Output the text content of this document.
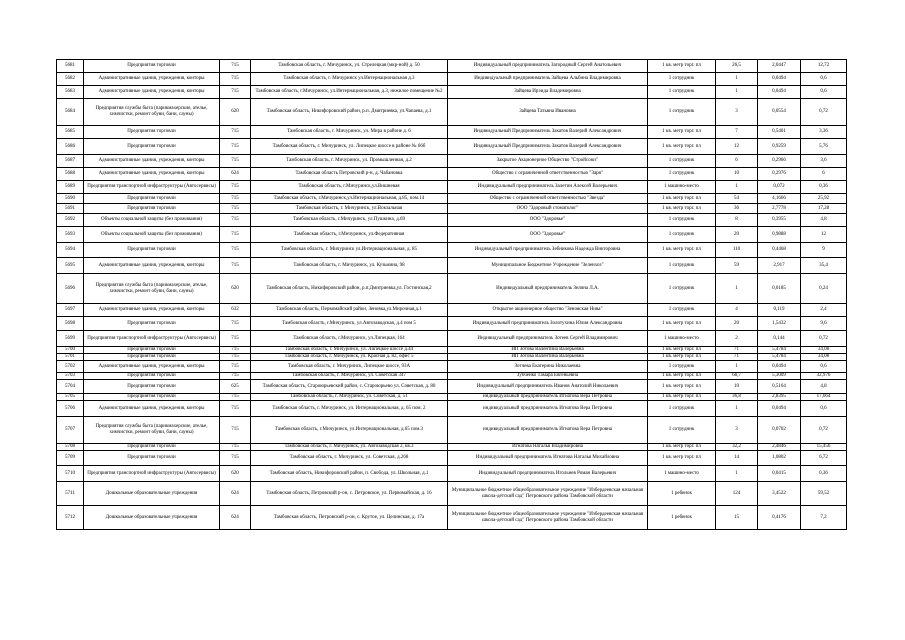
5681	Предприятия торговли	715	Тамбовская область, г. Мичуринск, ул. Стрелецкая (мкр-ной) д. 50	Индивидуальный предприниматель Загородный Сергей Анатольевич	1 кв. метр торг. пл	26,5	2,0447	12,72
5682	Административные здания, учреждения, конторы	715	Тамбовская область, г. Мичуринск ул.Интернациональная д.3	Индивидуальный предприниматель Зайцева Альбина Владимировна	1 сотрудник	1	0,0494	0,6
5683	Административные здания, учреждения, конторы	715	Тамбовская область, г.Мичуринск, ул.Интернациональная, д.3, нежилое помещение №2	Зайцева Ирэида Владимировна	1 сотрудник	1	0,0494	0,6
5684	Предприятия службы быта (парикмахерские, ателье, химчистки, ремонт обуви, бани, сауны)	620	Тамбовская область, Никифоровский район, р.п. Дмитриевка, ул.Чапаева, д.1	Зайцева Татьяна Ивановна	1 сотрудник	3	0,0554	0,72
5685	Предприятия торговли	715	Тамбовская область, г. Мичуринск, ул. Мира в районе д. 6	Индивидуальный Предприниматель Закатов Валерий Александрович	1 кв. метр торг. пл	7	0,5401	3,36
5686	Предприятия торговли	715	Тамбовская область, г. Мичуринск, ул. Липецкое шоссе в районе № 66б	Индивидуальный Предприниматель Закатов Валерий Александрович	1 кв. метр торг. пл	12	0,9259	5,76
5687	Административные здания, учреждения, конторы	715	Тамбовская область, г. Мичуринск, ул. Промышленная, д.2	Закрытое Акционерное Общество "Стройсоюз"	1 сотрудник	6	0,2966	3,6
5688	Административные здания, учреждения, конторы	624	Тамбовская область Петровский р-н, д. Чабановка	Общество с ограниченной ответственностью "Заря"	1 сотрудник	10	0,2976	6
5689	Предприятия транспортной инфраструктуры (Автосервисы)	715	Тамбовская область, г.Мичуринск,ул.Вишневая	Индивидуальный предприниматель Залетин Алексей Валерьевич	1 машино-место	1	0,072	0,36
5690	Предприятия торговли	715	Тамбовская область, г.Мичуринск,ул.Интернациональная, д.85, пом.14	Общество с ограниченной ответственностью "Звезда"	1 кв. метр торг. пл	54	4,1666	25,92
5691	Предприятия торговли	715	Тамбовская область, г. Мичуринск, ул.Вокзальная	ООО "Здоровый стоматолог"	1 кв. метр торг. пл	36	2,7778	17,28
5692	Объекты социальной защиты (без проживания)	715	Тамбовская область, г.Мичуринск, ул.Пушкина, д.69	ООО "Здоровье"	1 сотрудник	8	0,3955	4,8
5693	Объекты социальной защиты (без проживания)	715	Тамбовская область, г.Мичуринск, ул.Федеративная	ООО "Здоровье"	1 сотрудник	20	0,9888	12
5694	Предприятия торговли	715	Тамбовская область, г. Мичуринск ул.Интернациональная, д. 85	Индивидуальный предприниматель Зебникова Надежда Викторовна	1 кв. метр торг. пл	110	0,4468	9
5695	Административные здания, учреждения, конторы	715	Тамбовская область, г. Мичуринск, ул. Кузьмина, 98	Муниципальное Бюджетное Учреждение "Зеленхоз"	1 сотрудник	59	2,917	35,4
5696	Предприятия службы быта (парикмахерские, ателье, химчистки, ремонт обуви, бани, сауны)	620	Тамбовская область, Никифоровский район, р.п.Дмитриевка,ул. Гостинская,2	Индивидуальный предприниматель Зелина Л.А.	1 сотрудник	1	0,0185	0,24
5697	Административные здания, учреждения, конторы	632	Тамбовская область, Первомайский район, Зеновка,ул.Мирочная,д.1	Открытое акционерное общество "Зеновская Нива"	1 сотрудник	4	0,119	2,4
5698	Предприятия торговли	715	Тамбовская область, г.Мичуринск, ул.Автозаводская, д.4 пом 5	Индивидуальный предприниматель Золотухина Юлия Александровна	1 кв. метр торг. пл	20	1,5432	9,6
5699	Предприятия транспортной инфраструктуры (Автосервисы)	715	Тамбовская область, г.Мичуринск, ул.Липецкая, 164	Индивидуальный предприниматель Зотеев Сергей Владимирович	1 машино-место	2	0,144	0,72
5700	Предприятия торговли	715	Тамбовская область, г. Мичуринск, ул. Липецкое шоссе д.44	ИП Зотова Валентина Валерьевна	1 кв. метр торг. пл	71	5,4784	34,08
5701	Предприятия торговли	715	Тамбовская область, г. Мичуринск, ул. Красная д. 82, офис 5	ИП Зотова Валентина Валерьевна	1 кв. метр торг. пл	71	5,4784	34,08
5702	Административные здания, учреждения, конторы	715	Тамбовская область, г. Мичуринск, Липецкое шоссе, 93А	Зотчева Екатерина Николаевна	1 сотрудник	1	0,0494	0,6
5703	Предприятия торговли	715	Тамбовская область, г. Мичуринск, ул. Советская 347	Зубченко Тамара Евгеньевна	1 кв. метр торг. пл	68,7	5,3009	32,976
5704	Предприятия торговли	625	Тамбовская область, Староюрьевский район, с. Староюрьево ул. Советская, д. 80	Индивидуальный предприниматель Иванов Анатолий Николаевич	1 кв. метр торг. пл	10	0,5164	4,8
5705	Предприятия торговли	715	Тамбовская область, г. Мичуринск, ул. Советская, д. 51	индивидуальный предприниматель Игнатова Вера Петровна	1 кв. метр торг. пл	36,8	2,8395	17,664
5706	Административные здания, учреждения, конторы	715	Тамбовская область, г. Мичуринск, ул. Интернациональная, д. 65 пом. 2	индивидуальный предприниматель Игнатова Вера Петровна	1 сотрудник	1	0,0494	0,6
5707	Предприятия службы быта (парикмахерские, ателье, химчистки, ремонт обуви, бани, сауны)	715	Тамбовская область, г.Мичуринск, ул.Интернациональная, д.65 пом.3	индивидуальный предприниматель Игнатова Вера Петровна	1 сотрудник	3	0,0702	0,72
5708	Предприятия торговли	715	Тамбовская область, г. Мичуринск, ул. Автозаводская 2, кв.3	Игнатова Наталья Владимировна	1 кв. метр торг. пл	32,2	2,4846	15,456
5709	Предприятия торговли	715	Тамбовская область, г. Мичуринск, ул. Советская, д.268	Индивидуальный предприниматель Игнатова Наталья Михайловна	1 кв. метр торг. пл	14	1,0802	6,72
5710	Предприятия транспортной инфраструктуры (Автосервисы)	620	Тамбовская область, Никифоровский район, п. Свобода, ул. Школьная, д.1	Индивидуальный предприниматель Игольнев Роман Валерьевич	1 машино-место	1	0,0415	0,36
5711	Дошкольные образовательные учреждения	624	Тамбовская область, Петровский р-он, с. Петровское, ул. Первомайская, д. 16	Муниципальное бюджетное общеобразовательное учреждение "Избердеевская начальная школа-детский сад" Петровского района Тамбовской области	1 ребенок	124	3,4522	59,52
5712	Дошкольные образовательные учреждения	624	Тамбовская область, Петровский р-он, с. Крутое, ул. Целинская, д. 17а	Муниципальное бюджетное общеобразовательное учреждение "Избердеевская начальная школа-детский сад" Петровского района Тамбовской области	1 ребенок	15	0,4176	7,2
